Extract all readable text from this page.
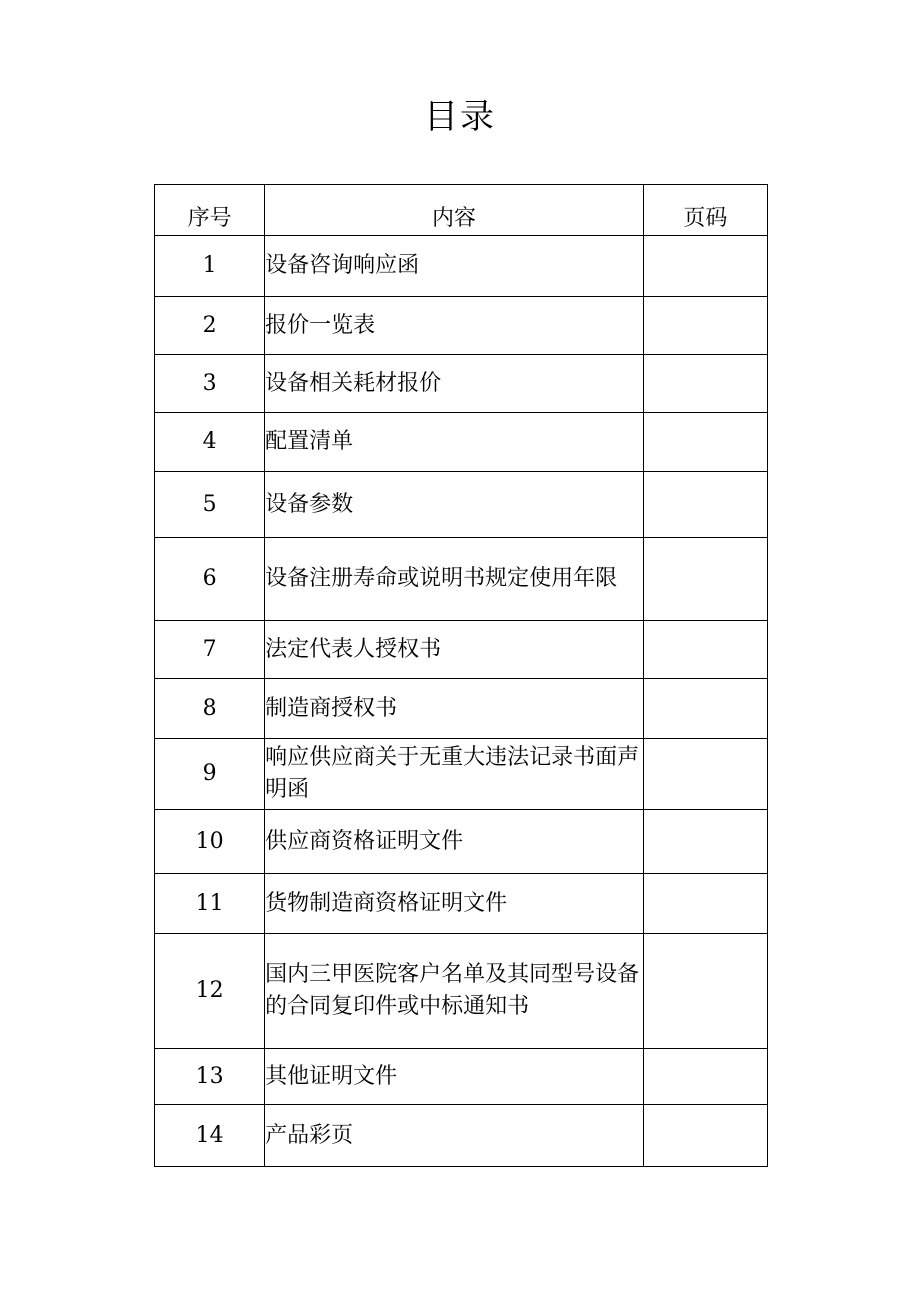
目录
序号	内容	页码
1	设备咨询响应函	
2	报价一览表	
3	设备相关耗材报价	
4	配置清单	
5	设备参数	
6	设备注册寿命或说明书规定使用年限	
7	法定代表人授权书	
8	制造商授权书	
9	响应供应商关于无重大违法记录书面声明函	
10	供应商资格证明文件	
11	货物制造商资格证明文件	
12	国内三甲医院客户名单及其同型号设备的合同复印件或中标通知书	
13	其他证明文件	
14	产品彩页	
